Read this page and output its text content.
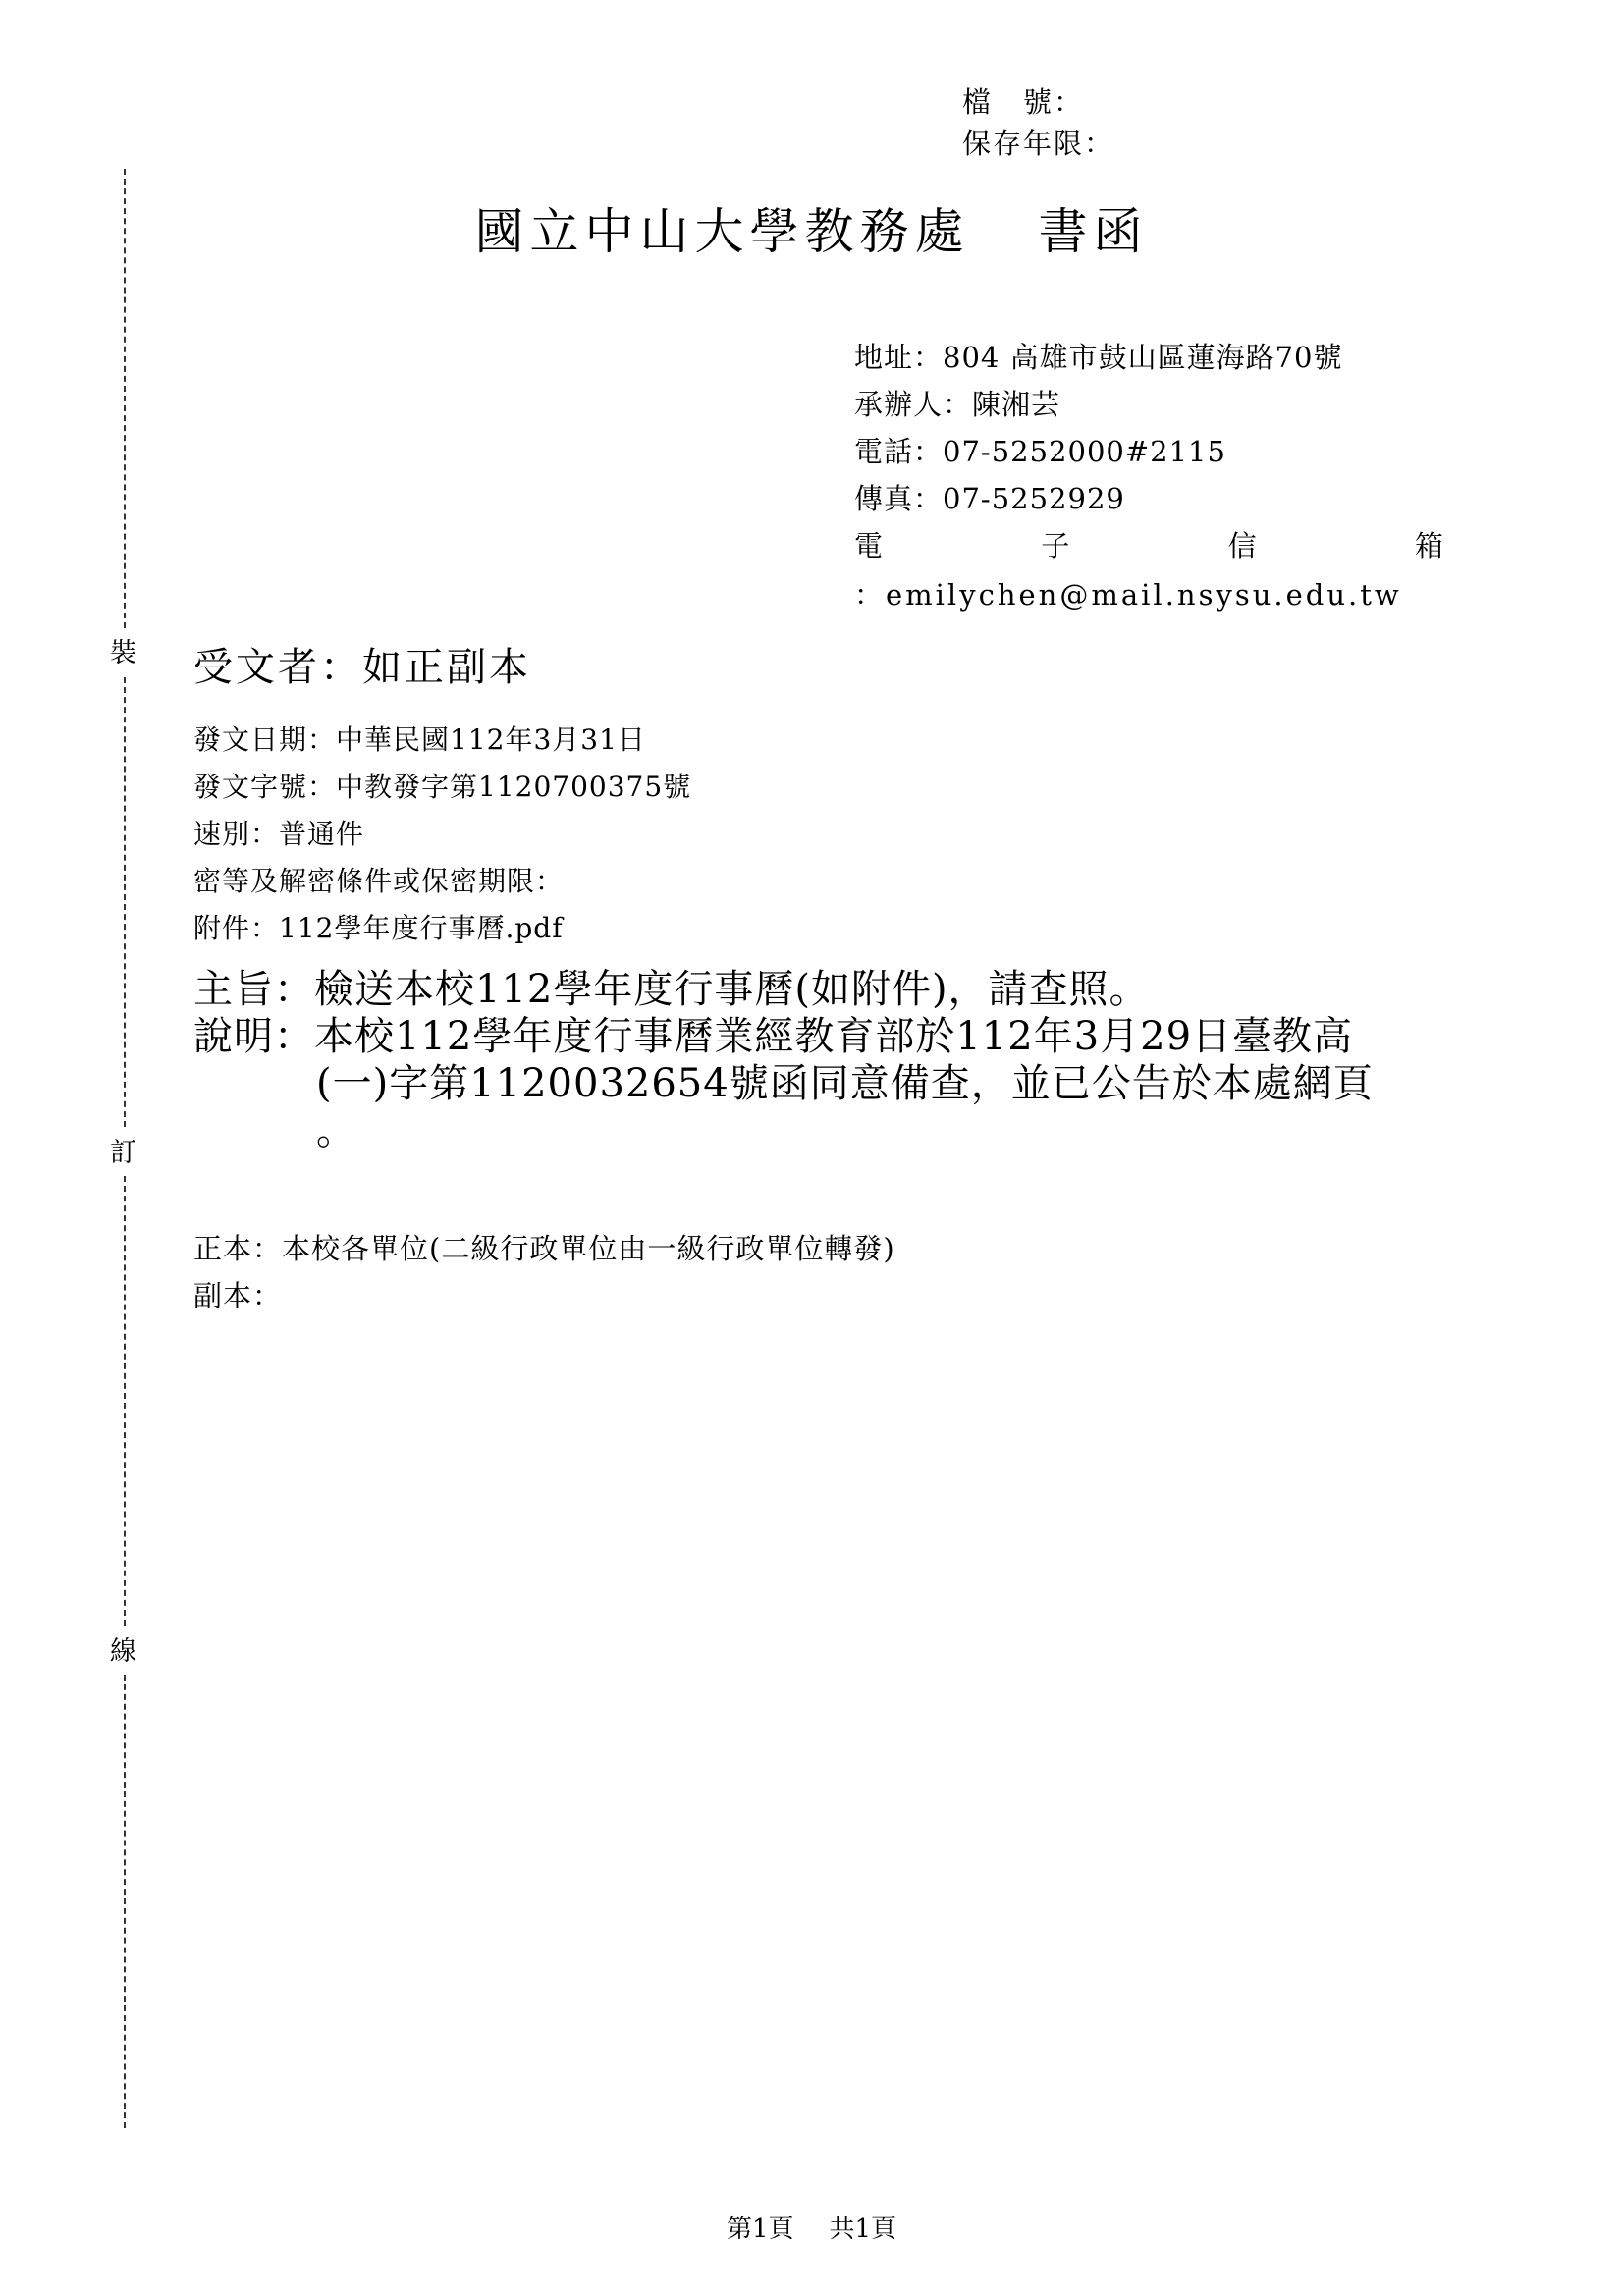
裝
訂
線
檔　號：
保存年限：
國立中山大學教務處 書函
地址：804 高雄市鼓山區蓮海路70號
承辦人：陳湘芸
電話：07-5252000#2115
傳真：07-5252929
電	子	信	箱
：emilychen@mail.nsysu.edu.tw
受文者：如正副本
發文日期：中華民國112年3月31日
發文字號：中教發字第1120700375號
速別：普通件
密等及解密條件或保密期限：
附件：112學年度行事曆.pdf
主旨：檢送本校112學年度行事曆(如附件)，請查照。
說明：本校112學年度行事曆業經教育部於112年3月29日臺教高
(一)字第1120032654號函同意備查，並已公告於本處網頁
。
正本：本校各單位(二級行政單位由一級行政單位轉發)
副本：
第1頁 共1頁
